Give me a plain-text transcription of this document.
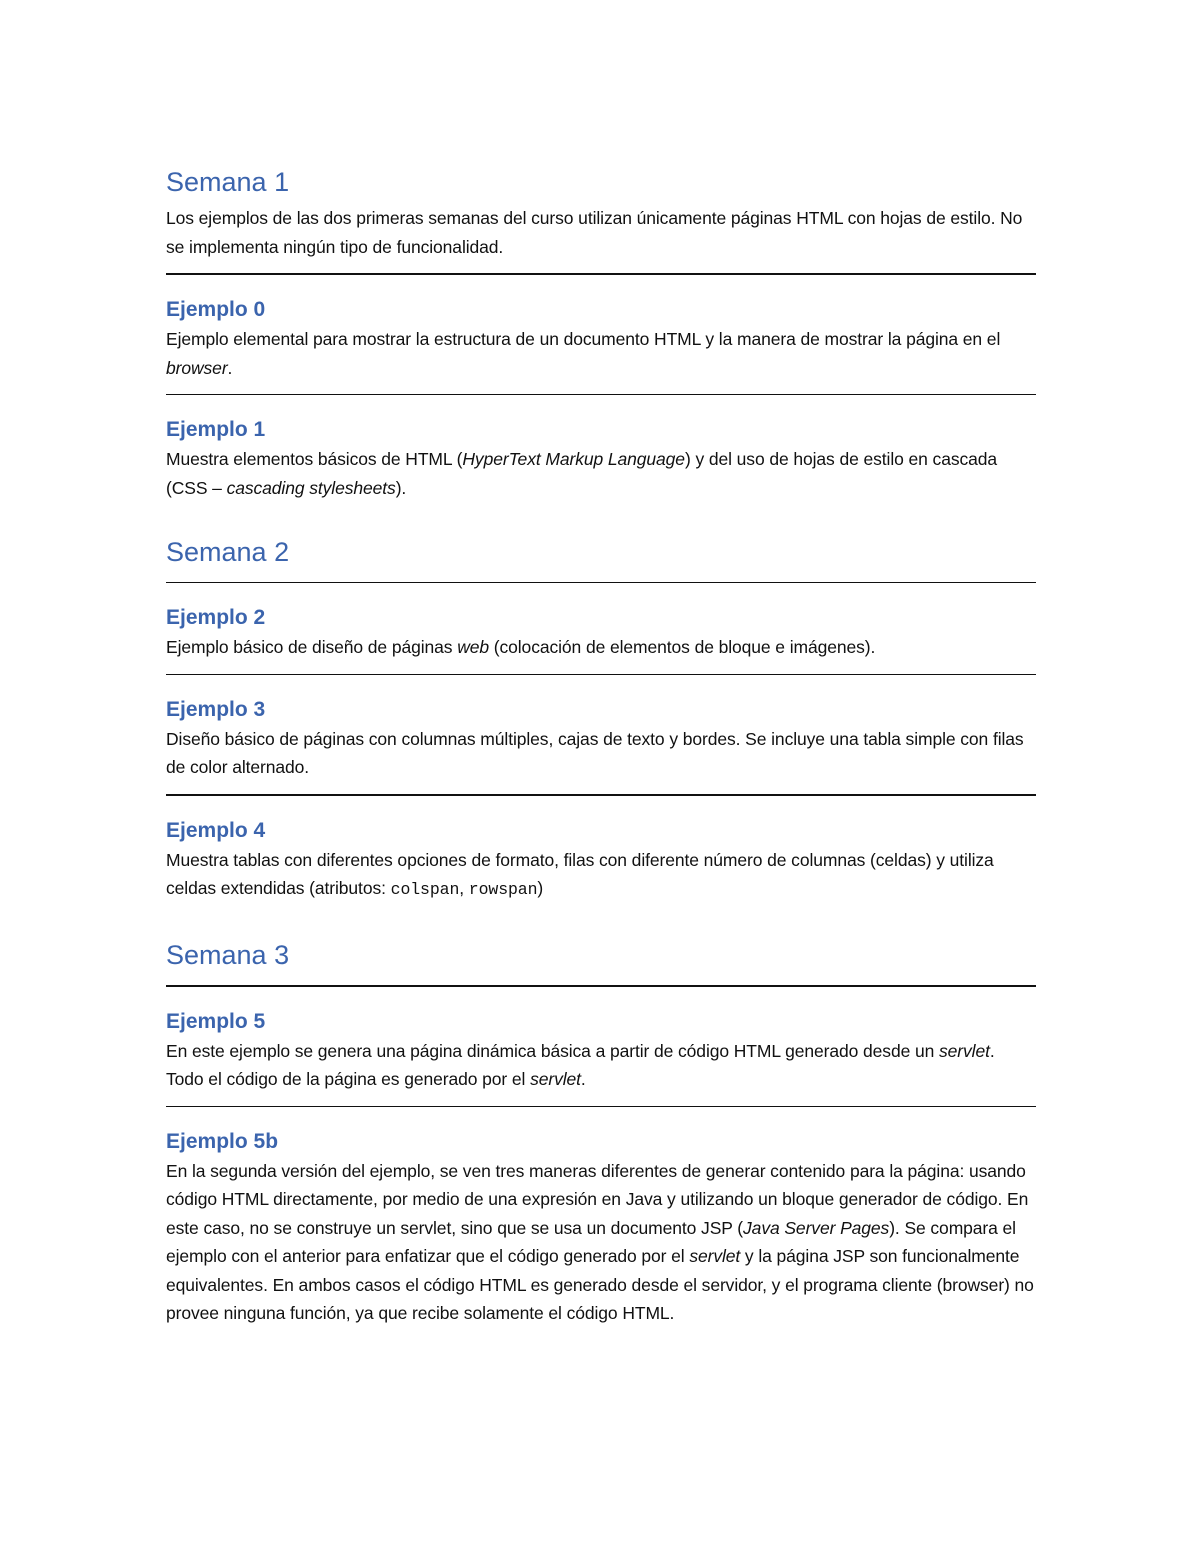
Semana 1

Los ejemplos de las dos primeras semanas del curso utilizan únicamente páginas HTML con hojas de estilo. No se implementa ningún tipo de funcionalidad.

Ejemplo 0

Ejemplo elemental para mostrar la estructura de un documento HTML y la manera de mostrar la página en el browser.

Ejemplo 1

Muestra elementos básicos de HTML (HyperText Markup Language) y del uso de hojas de estilo en cascada (CSS – cascading stylesheets).

Semana 2
Ejemplo 2

Ejemplo básico de diseño de páginas web (colocación de elementos de bloque e imágenes).

Ejemplo 3

Diseño básico de páginas con columnas múltiples, cajas de texto y bordes. Se incluye una tabla simple con filas de color alternado.

Ejemplo 4

Muestra tablas con diferentes opciones de formato, filas con diferente número de columnas (celdas) y utiliza celdas extendidas (atributos: colspan, rowspan)

Semana 3
Ejemplo 5

En este ejemplo se genera una página dinámica básica a partir de código HTML generado desde un servlet. Todo el código de la página es generado por el servlet.

Ejemplo 5b

En la segunda versión del ejemplo, se ven tres maneras diferentes de generar contenido para la página: usando código HTML directamente, por medio de una expresión en Java y utilizando un bloque generador de código. En este caso, no se construye un servlet, sino que se usa un documento JSP (Java Server Pages). Se compara el ejemplo con el anterior para enfatizar que el código generado por el servlet y la página JSP son funcionalmente equivalentes. En ambos casos el código HTML es generado desde el servidor, y el programa cliente (browser) no provee ninguna función, ya que recibe solamente el código HTML.
